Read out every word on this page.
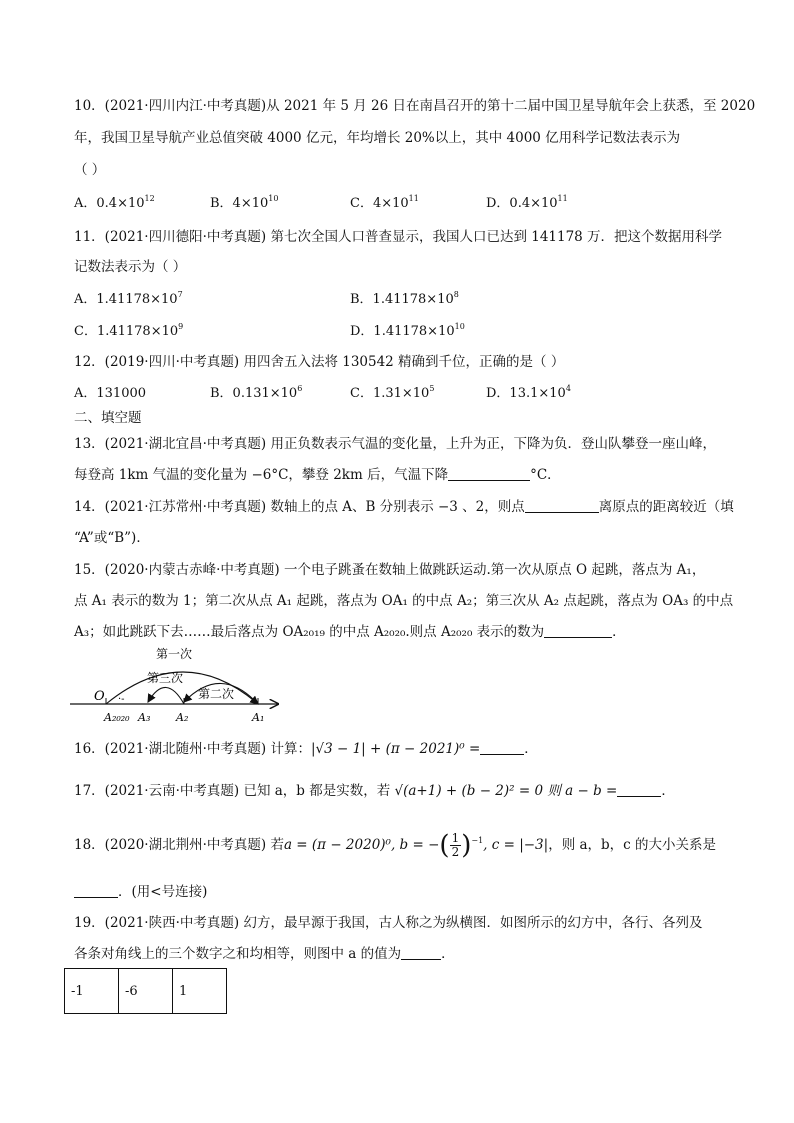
10．(2021·四川内江·中考真题)从 2021 年 5 月 26 日在南昌召开的第十二届中国卫星导航年会上获悉，至 2020
年，我国卫星导航产业总值突破 4000 亿元，年均增长 20%以上，其中 4000 亿用科学记数法表示为
（ ）
A．$0.4\times 10^{12}$	B．$4\times 10^{10}$	C．$4\times 10^{11}$	D．$0.4\times 10^{11}$
11．(2021·四川德阳·中考真题) 第七次全国人口普查显示，我国人口已达到 141178 万．把这个数据用科学
记数法表示为（ ）
A．$1.41178\times 10^7$	B．$1.41178\times 10^8$
C．$1.41178\times 10^9$	D．$1.41178\times 10^{10}$
12．(2019·四川·中考真题) 用四舍五入法将 130542 精确到千位，正确的是（ ）
A．131000	B．$0.131\times 10^6$	C．$1.31\times 10^5$	D．$13.1\times 10^4$
二、填空题
13．(2021·湖北宜昌·中考真题) 用正负数表示气温的变化量，上升为正，下降为负．登山队攀登一座山峰，
每登高 1km 气温的变化量为 −6°C，攀登 2km 后，气温下降	°C．
14．(2021·江苏常州·中考真题) 数轴上的点 A、B 分别表示 −3 、2，则点	离原点的距离较近（填
“A”或“B”)．
15．(2020·内蒙古赤峰·中考真题) 一个电子跳蚤在数轴上做跳跃运动.第一次从原点 O 起跳，落点为 A₁，
点 A₁ 表示的数为 1；第二次从点 A₁ 起跳，落点为 OA₁ 的中点 A₂；第三次从 A₂ 点起跳，落点为 OA₃ 的中点
A₃；如此跳跃下去……最后落点为 OA₂₀₁₉ 的中点 A₂₀₂₀.则点 A₂₀₂₀ 表示的数为	．
第一次
第三次
第二次
O ·-
A₂₀₂₀ A₃ A₂	A₁
16．(2021·湖北随州·中考真题) 计算：|√3 − 1| + (π − 2021)⁰ =	．
17．(2021·云南·中考真题) 已知 a，b 都是实数，若 √(a+1) + (b − 2)² = 0 则 a − b =	．
18．(2020·湖北荆州·中考真题) 若a = (π − 2020)⁰, b = −( $\frac{1}{2} )^{-1}$, c = |−3|，则 a，b，c 的大小关系是
．(用<号连接)
19．(2021·陕西·中考真题) 幻方，最早源于我国，古人称之为纵横图．如图所示的幻方中，各行、各列及
各条对角线上的三个数字之和均相等，则图中 a 的值为	．
-1	-6	1
